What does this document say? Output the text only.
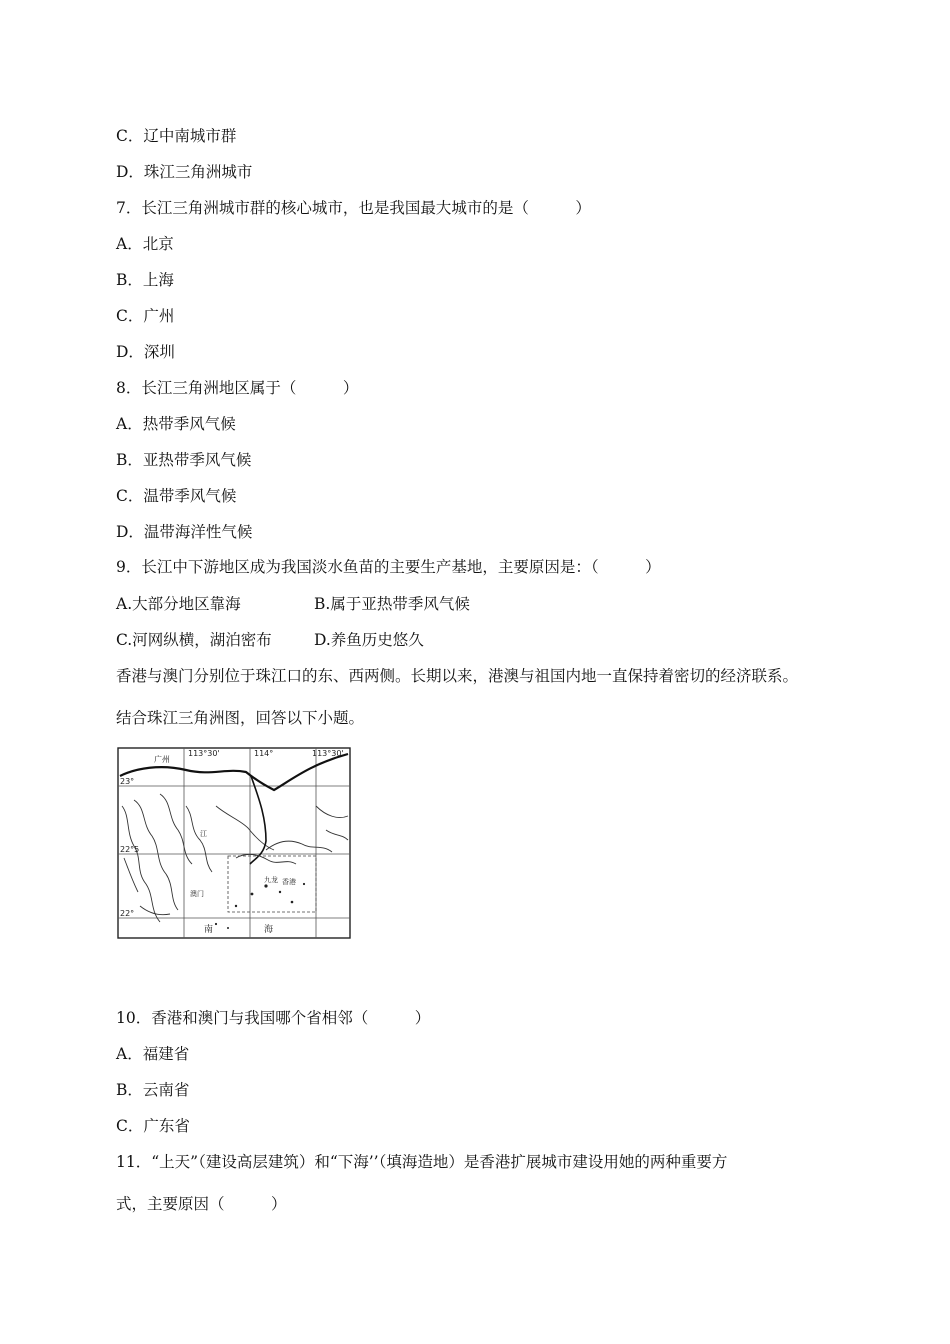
C．辽中南城市群
D．珠江三角洲城市
7．长江三角洲城市群的核心城市，也是我国最大城市的是（　　　）
A．北京
B．上海
C．广州
D．深圳
8．长江三角洲地区属于（　　　）
A．热带季风气候
B．亚热带季风气候
C．温带季风气候
D．温带海洋性气候
9．长江中下游地区成为我国淡水鱼苗的主要生产基地，主要原因是：（　　　）
A.大部分地区靠海	B.属于亚热带季风气候
C.河网纵横，湖泊密布	D.养鱼历史悠久
香港与澳门分别位于珠江口的东、西两侧。长期以来，港澳与祖国内地一直保持着密切的经济联系。
结合珠江三角洲图，回答以下小题。
113°30'	114°	113°30'
23°
22°5
22°
广州
江
澳门
九龙 香港
南	海
10．香港和澳门与我国哪个省相邻（　　　）
A．福建省
B．云南省
C．广东省
11．“上天”（建设高层建筑）和“下海’’（填海造地）是香港扩展城市建设用她的两种重要方
式，主要原因（　　　）
